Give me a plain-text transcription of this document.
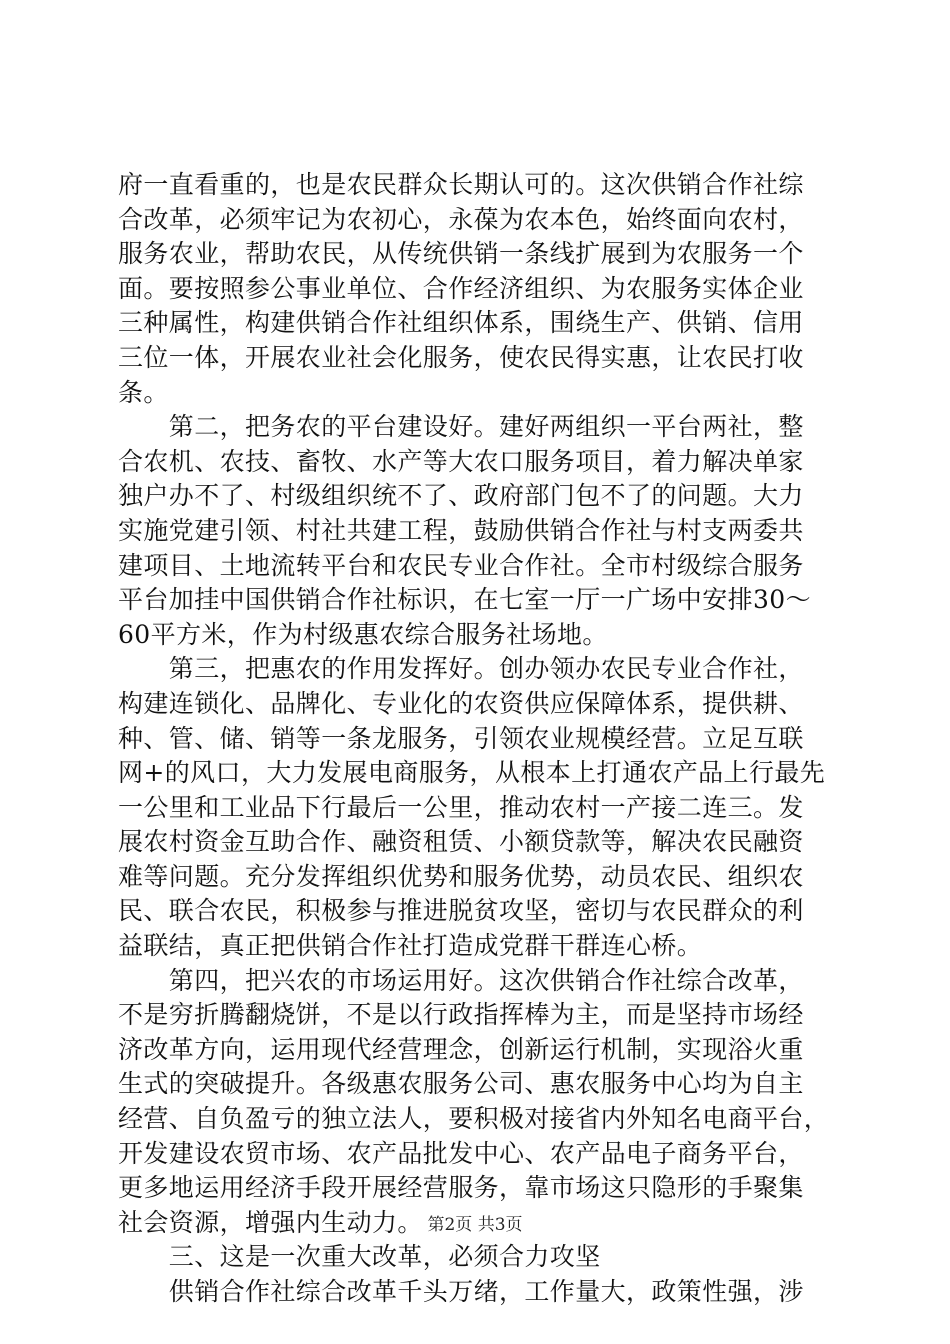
府一直看重的，也是农民群众长期认可的。这次供销合作社综
合改革，必须牢记为农初心，永葆为农本色，始终面向农村，
服务农业，帮助农民，从传统供销一条线扩展到为农服务一个
面。要按照参公事业单位、合作经济组织、为农服务实体企业
三种属性，构建供销合作社组织体系，围绕生产、供销、信用
三位一体，开展农业社会化服务，使农民得实惠，让农民打收
条。
　　第二，把务农的平台建设好。建好两组织一平台两社，整
合农机、农技、畜牧、水产等大农口服务项目，着力解决单家
独户办不了、村级组织统不了、政府部门包不了的问题。大力
实施党建引领、村社共建工程，鼓励供销合作社与村支两委共
建项目、土地流转平台和农民专业合作社。全市村级综合服务
平台加挂中国供销合作社标识，在七室一厅一广场中安排30～
60平方米，作为村级惠农综合服务社场地。
　　第三，把惠农的作用发挥好。创办领办农民专业合作社，
构建连锁化、品牌化、专业化的农资供应保障体系，提供耕、
种、管、储、销等一条龙服务，引领农业规模经营。立足互联
网+的风口，大力发展电商服务，从根本上打通农产品上行最先
一公里和工业品下行最后一公里，推动农村一产接二连三。发
展农村资金互助合作、融资租赁、小额贷款等，解决农民融资
难等问题。充分发挥组织优势和服务优势，动员农民、组织农
民、联合农民，积极参与推进脱贫攻坚，密切与农民群众的利
益联结，真正把供销合作社打造成党群干群连心桥。
　　第四，把兴农的市场运用好。这次供销合作社综合改革，
不是穷折腾翻烧饼，不是以行政指挥棒为主，而是坚持市场经
济改革方向，运用现代经营理念，创新运行机制，实现浴火重
生式的突破提升。各级惠农服务公司、惠农服务中心均为自主
经营、自负盈亏的独立法人，要积极对接省内外知名电商平台，
开发建设农贸市场、农产品批发中心、农产品电子商务平台，
更多地运用经济手段开展经营服务，靠市场这只隐形的手聚集
社会资源，增强内生动力。
　　三、这是一次重大改革，必须合力攻坚
　　供销合作社综合改革千头万绪，工作量大，政策性强，涉
第2页 共3页
